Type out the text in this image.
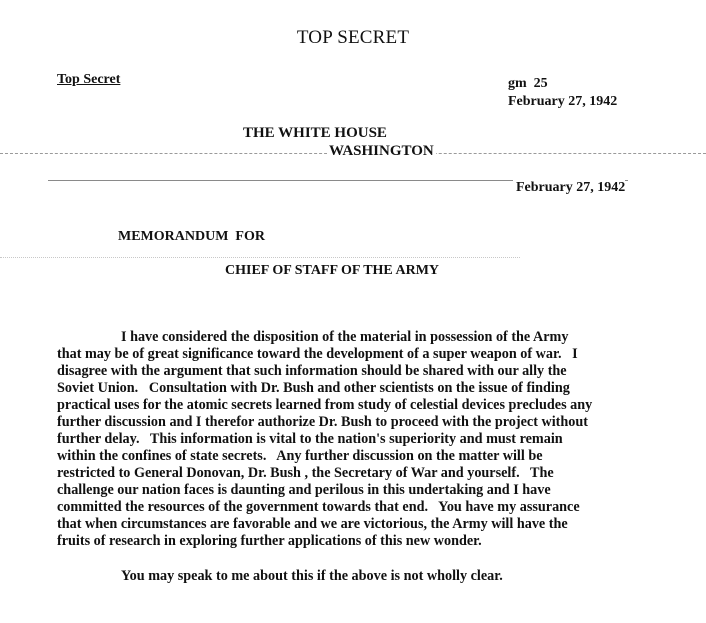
TOP SECRET
Top Secret	gm  25
February 27, 1942
THE WHITE HOUSE
WASHINGTON
February 27, 1942
MEMORANDUM  FOR
CHIEF OF STAFF OF THE ARMY
I have considered the disposition of the material in possession of the Army
that may be of great significance toward the development of a super weapon of war.   I
disagree with the argument that such information should be shared with our ally the
Soviet Union.   Consultation with Dr. Bush and other scientists on the issue of finding
practical uses for the atomic secrets learned from study of celestial devices precludes any
further discussion and I therefor authorize Dr. Bush to proceed with the project without
further delay.   This information is vital to the nation's superiority and must remain
within the confines of state secrets.   Any further discussion on the matter will be
restricted to General Donovan, Dr. Bush , the Secretary of War and yourself.   The
challenge our nation faces is daunting and perilous in this undertaking and I have
committed the resources of the government towards that end.   You have my assurance
that when circumstances are favorable and we are victorious, the Army will have the
fruits of research in exploring further applications of this new wonder.
You may speak to me about this if the above is not wholly clear.
